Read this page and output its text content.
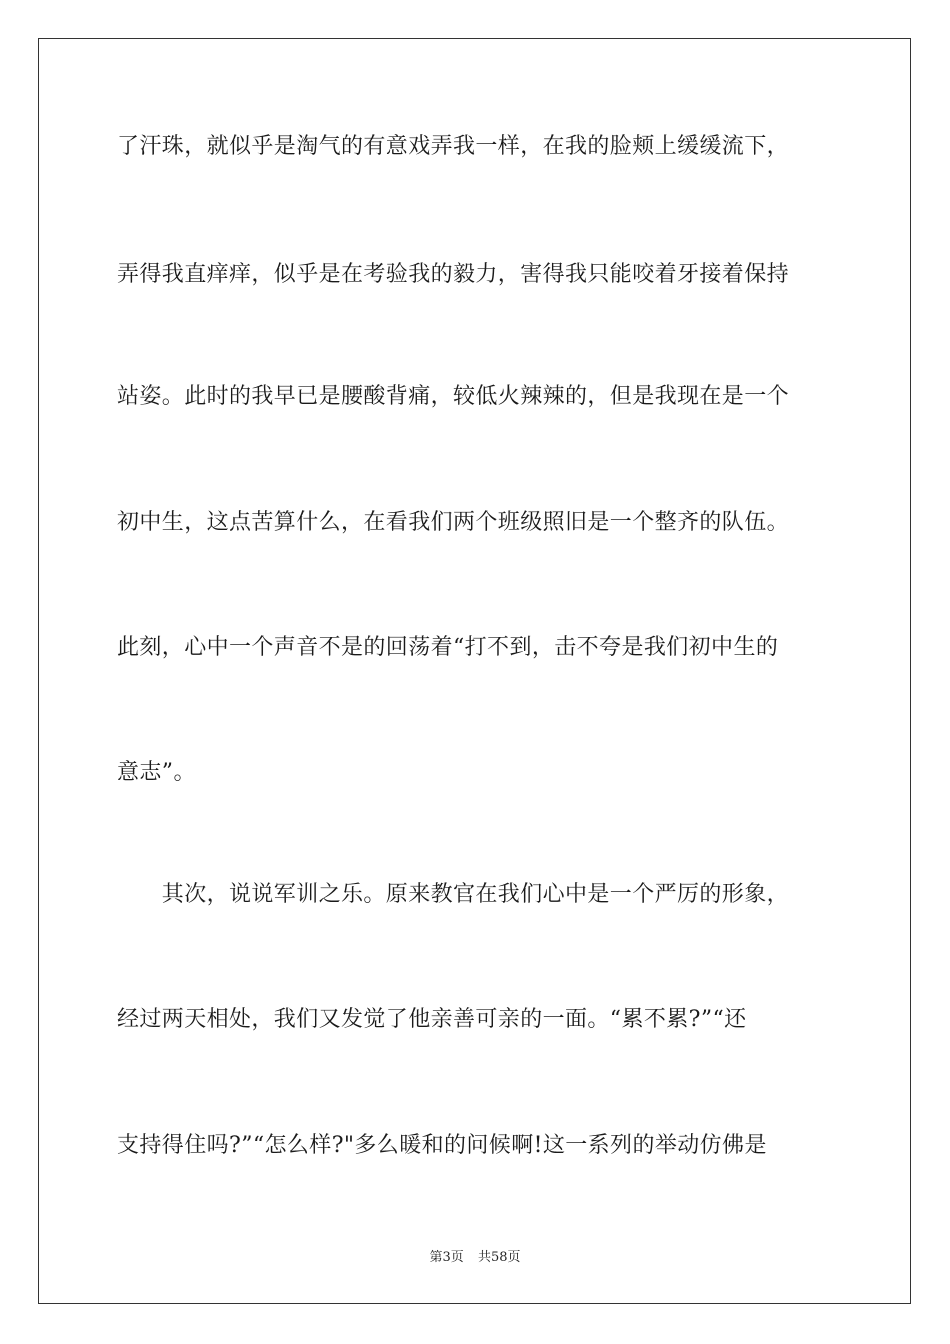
了汗珠，就似乎是淘气的有意戏弄我一样，在我的脸颊上缓缓流下，
弄得我直痒痒，似乎是在考验我的毅力，害得我只能咬着牙接着保持
站姿。此时的我早已是腰酸背痛，较低火辣辣的，但是我现在是一个
初中生，这点苦算什么，在看我们两个班级照旧是一个整齐的队伍。
此刻，心中一个声音不是的回荡着“打不到，击不夸是我们初中生的
意志”。
　　其次，说说军训之乐。原来教官在我们心中是一个严厉的形象，
经过两天相处，我们又发觉了他亲善可亲的一面。“累不累?”“还
支持得住吗?”“怎么样?"多么暖和的问候啊!这一系列的举动仿佛是
第3页 共58页
